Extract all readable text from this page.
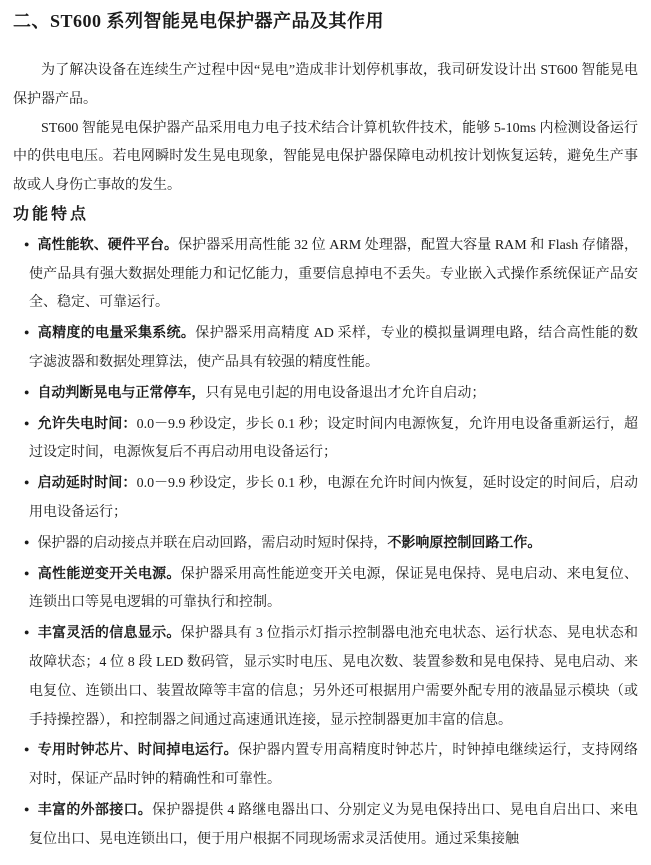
二、ST600 系列智能晃电保护器产品及其作用

为了解决设备在连续生产过程中因“晃电”造成非计划停机事故，我司研发设计出 ST600 智能晃电保护器产品。

ST600 智能晃电保护器产品采用电力电子技术结合计算机软件技术，能够 5-10ms 内检测设备运行中的供电电压。若电网瞬时发生晃电现象，智能晃电保护器保障电动机按计划恢复运转，避免生产事故或人身伤亡事故的发生。

功能特点
● 高性能软、硬件平台。保护器采用高性能 32 位 ARM 处理器，配置大容量 RAM 和 Flash 存储器，使产品具有强大数据处理能力和记忆能力，重要信息掉电不丢失。专业嵌入式操作系统保证产品安全、稳定、可靠运行。
● 高精度的电量采集系统。保护器采用高精度 AD 采样，专业的模拟量调理电路，结合高性能的数字滤波器和数据处理算法，使产品具有较强的精度性能。
● 自动判断晃电与正常停车，只有晃电引起的用电设备退出才允许自启动；
● 允许失电时间：0.0－9.9 秒设定，步长 0.1 秒；设定时间内电源恢复，允许用电设备重新运行，超过设定时间，电源恢复后不再启动用电设备运行；
● 启动延时时间：0.0－9.9 秒设定，步长 0.1 秒，电源在允许时间内恢复，延时设定的时间后，启动用电设备运行；
● 保护器的启动接点并联在启动回路，需启动时短时保持，不影响原控制回路工作。
● 高性能逆变开关电源。保护器采用高性能逆变开关电源，保证晃电保持、晃电启动、来电复位、连锁出口等晃电逻辑的可靠执行和控制。
● 丰富灵活的信息显示。保护器具有 3 位指示灯指示控制器电池充电状态、运行状态、晃电状态和故障状态；4 位 8 段 LED 数码管，显示实时电压、晃电次数、装置参数和晃电保持、晃电启动、来电复位、连锁出口、装置故障等丰富的信息；另外还可根据用户需要外配专用的液晶显示模块（或手持操控器），和控制器之间通过高速通讯连接，显示控制器更加丰富的信息。
● 专用时钟芯片、时间掉电运行。保护器内置专用高精度时钟芯片，时钟掉电继续运行，支持网络对时，保证产品时钟的精确性和可靠性。
● 丰富的外部接口。保护器提供 4 路继电器出口、分别定义为晃电保持出口、晃电自启出口、来电复位出口、晃电连锁出口，便于用户根据不同现场需求灵活使用。通过采集接触
